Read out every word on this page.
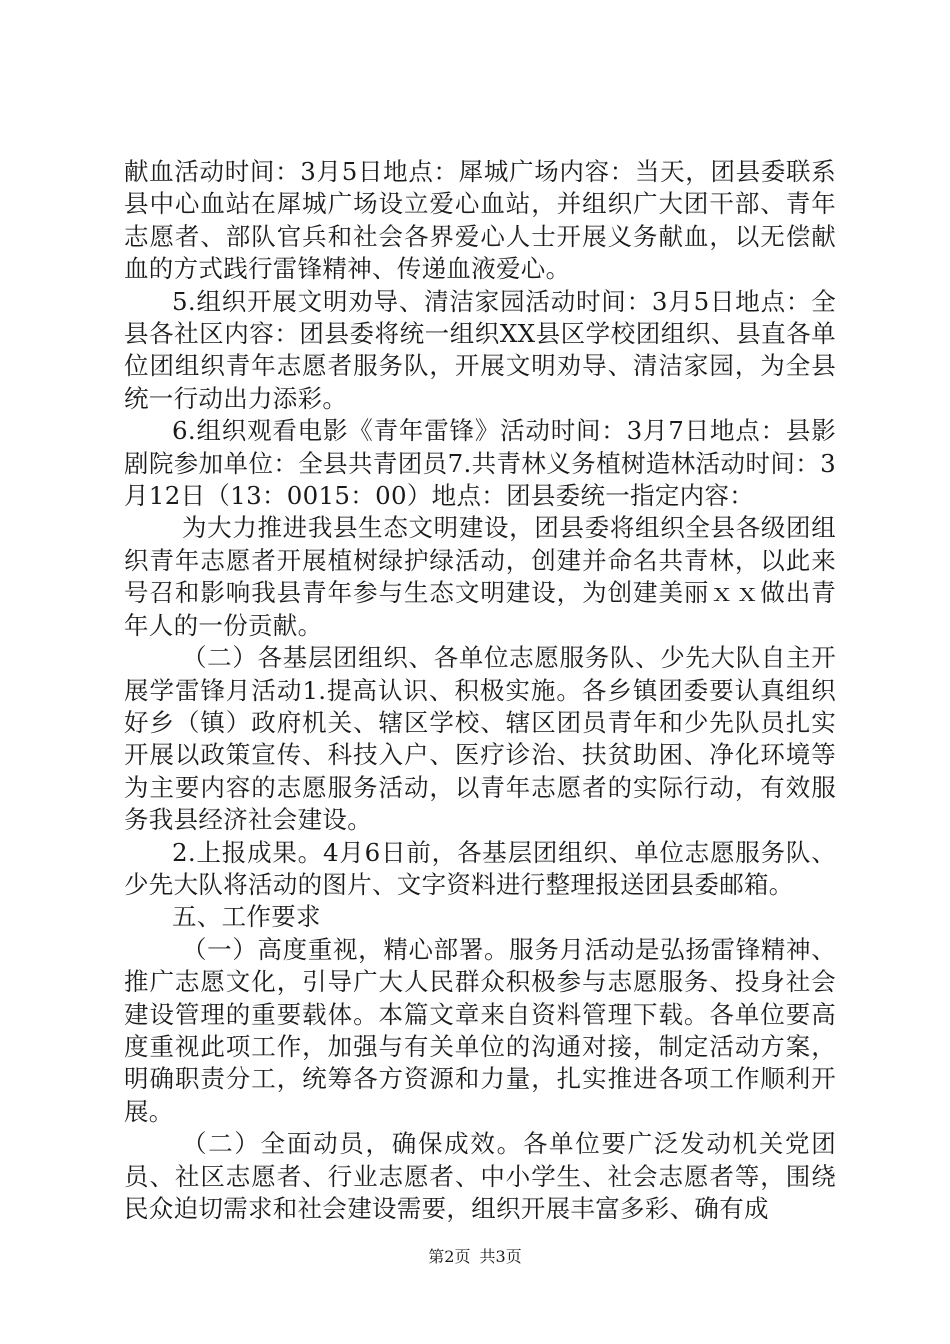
献血活动时间：3月5日地点：犀城广场内容：当天，团县委联系县中心血站在犀城广场设立爱心血站，并组织广大团干部、青年志愿者、部队官兵和社会各界爱心人士开展义务献血，以无偿献血的方式践行雷锋精神、传递血液爱心。

5.组织开展文明劝导、清洁家园活动时间：3月5日地点：全县各社区内容：团县委将统一组织XX县区学校团组织、县直各单位团组织青年志愿者服务队，开展文明劝导、清洁家园，为全县统一行动出力添彩。

6.组织观看电影《青年雷锋》活动时间：3月7日地点：县影剧院参加单位：全县共青团员7.共青林义务植树造林活动时间：3月12日（13：0015：00）地点：团县委统一指定内容：

为大力推进我县生态文明建设，团县委将组织全县各级团组织青年志愿者开展植树绿护绿活动，创建并命名共青林，以此来号召和影响我县青年参与生态文明建设，为创建美丽ｘｘ做出青年人的一份贡献。

（二）各基层团组织、各单位志愿服务队、少先大队自主开展学雷锋月活动1.提高认识、积极实施。各乡镇团委要认真组织好乡（镇）政府机关、辖区学校、辖区团员青年和少先队员扎实开展以政策宣传、科技入户、医疗诊治、扶贫助困、净化环境等为主要内容的志愿服务活动，以青年志愿者的实际行动，有效服务我县经济社会建设。

2.上报成果。4月6日前，各基层团组织、单位志愿服务队、少先大队将活动的图片、文字资料进行整理报送团县委邮箱。

五、工作要求

（一）高度重视，精心部署。服务月活动是弘扬雷锋精神、推广志愿文化，引导广大人民群众积极参与志愿服务、投身社会建设管理的重要载体。本篇文章来自资料管理下载。各单位要高度重视此项工作，加强与有关单位的沟通对接，制定活动方案，明确职责分工，统筹各方资源和力量，扎实推进各项工作顺利开展。

（二）全面动员，确保成效。各单位要广泛发动机关党团员、社区志愿者、行业志愿者、中小学生、社会志愿者等，围绕民众迫切需求和社会建设需要，组织开展丰富多彩、确有成

第2页 共3页
